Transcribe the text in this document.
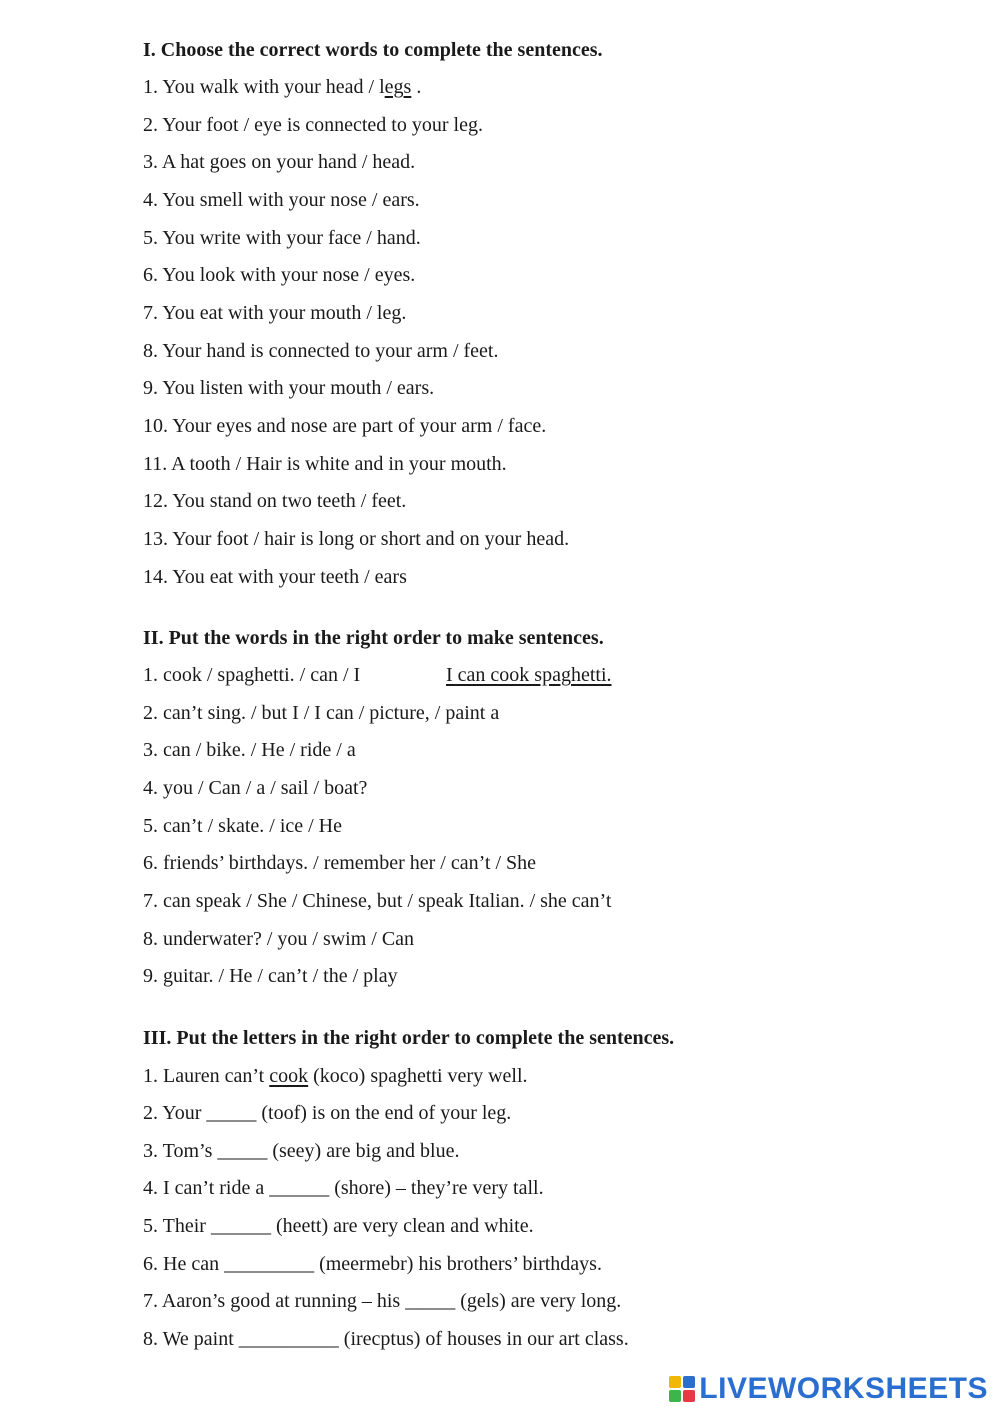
I. Choose the correct words to complete the sentences.
1. You walk with your head / legs .
2. Your foot / eye is connected to your leg.
3. A hat goes on your hand / head.
4. You smell with your nose / ears.
5. You write with your face / hand.
6. You look with your nose / eyes.
7. You eat with your mouth / leg.
8. Your hand is connected to your arm / feet.
9. You listen with your mouth / ears.
10. Your eyes and nose are part of your arm / face.
11. A tooth / Hair is white and in your mouth.
12. You stand on two teeth / feet.
13. Your foot / hair is long or short and on your head.
14. You eat with your teeth / ears
II. Put the words in the right order to make sentences.
1. cook / spaghetti. / can / I	I can cook spaghetti.
2. can’t sing. / but I / I can / picture, / paint a
3. can / bike. / He / ride / a
4. you / Can / a / sail / boat?
5. can’t / skate. / ice / He
6. friends’ birthdays. / remember her / can’t / She
7. can speak / She / Chinese, but / speak Italian. / she can’t
8. underwater? / you / swim / Can
9. guitar. / He / can’t / the / play
III. Put the letters in the right order to complete the sentences.
1. Lauren can’t cook (koco) spaghetti very well.
2. Your _____ (toof) is on the end of your leg.
3. Tom’s _____ (seey) are big and blue.
4. I can’t ride a ______ (shore) – they’re very tall.
5. Their ______ (heett) are very clean and white.
6. He can _________ (meermebr) his brothers’ birthdays.
7. Aaron’s good at running – his _____ (gels) are very long.
8. We paint __________ (irecptus) of houses in our art class.
LIVEWORKSHEETS
